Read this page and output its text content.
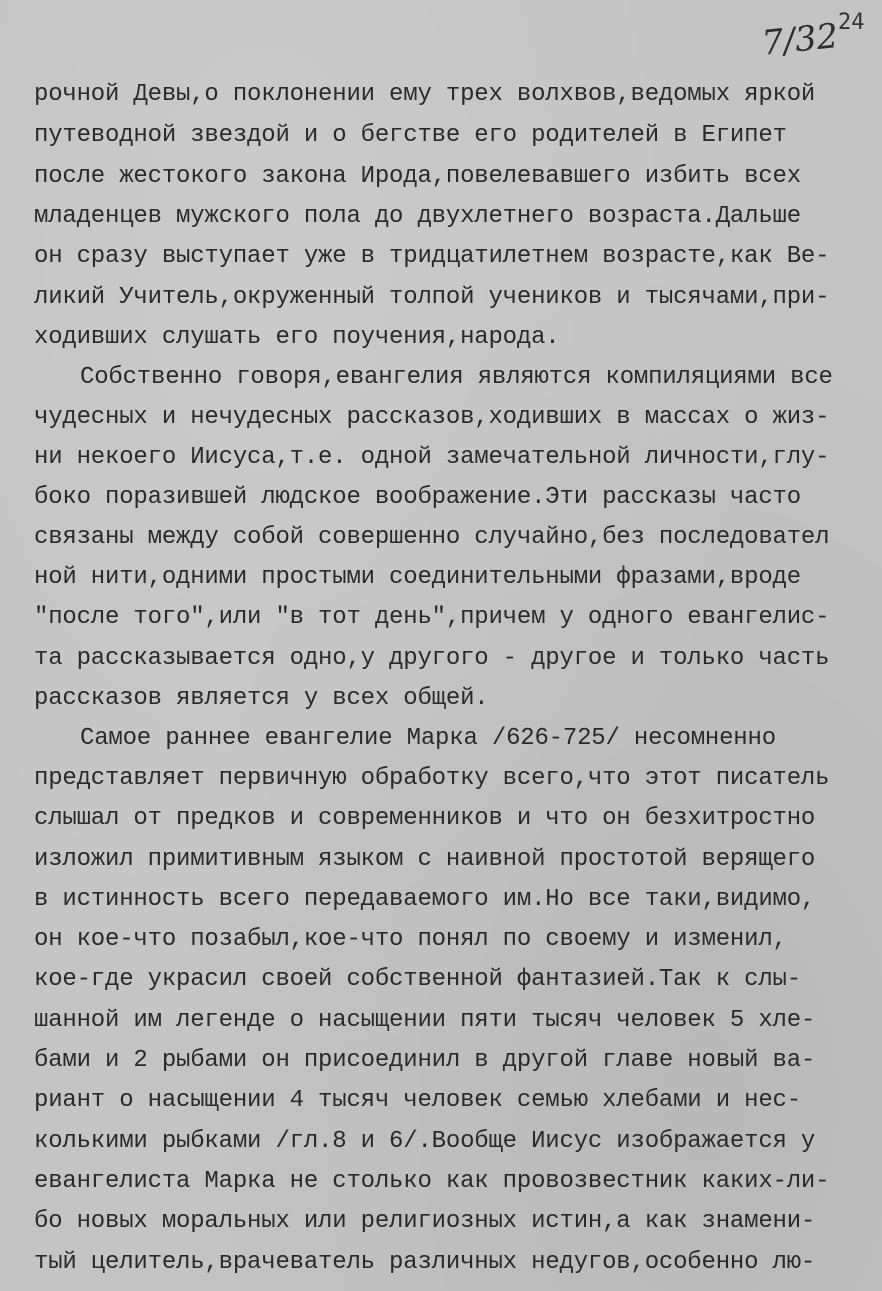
24
7/32
рочной Девы,о поклонении ему трех волхвов,ведомых яркой
путеводной звездой и о бегстве его родителей в Египет
после жестокого закона Ирода,повелевавшего избить всех
младенцев мужского пола до двухлетнего возраста.Дальше
он сразу выступает уже в тридцатилетнем возрасте,как Ве-
ликий Учитель,окруженный толпой учеников и тысячами,при-
ходивших слушать его поучения,народа.
Собственно говоря,евангелия являются компиляциями все
чудесных и нечудесных рассказов,ходивших в массах о жиз-
ни некоего Иисуса,т.е. одной замечательной личности,глу-
боко поразившей людское воображение.Эти рассказы часто
связаны между собой совершенно случайно,без последовател
ной нити,одними простыми соединительными фразами,вроде
"после того",или "в тот день",причем у одного евангелис-
та рассказывается одно,у другого - другое и только часть
рассказов является у всех общей.
Самое раннее евангелие Марка /626-725/ несомненно
представляет первичную обработку всего,что этот писатель
слышал от предков и современников и что он безхитростно
изложил примитивным языком с наивной простотой верящего
в истинность всего передаваемого им.Но все таки,видимо,
он кое-что позабыл,кое-что понял по своему и изменил,
кое-где украсил своей собственной фантазией.Так к слы-
шанной им легенде о насыщении пяти тысяч человек 5 хле-
бами и 2 рыбами он присоединил в другой главе новый ва-
риант о насыщении 4 тысяч человек семью хлебами и нес-
колькими рыбками /гл.8 и 6/.Вообще Иисус изображается у
евангелиста Марка не столько как провозвестник каких-ли-
бо новых моральных или религиозных истин,а как знамени-
тый целитель,врачеватель различных недугов,особенно лю-
